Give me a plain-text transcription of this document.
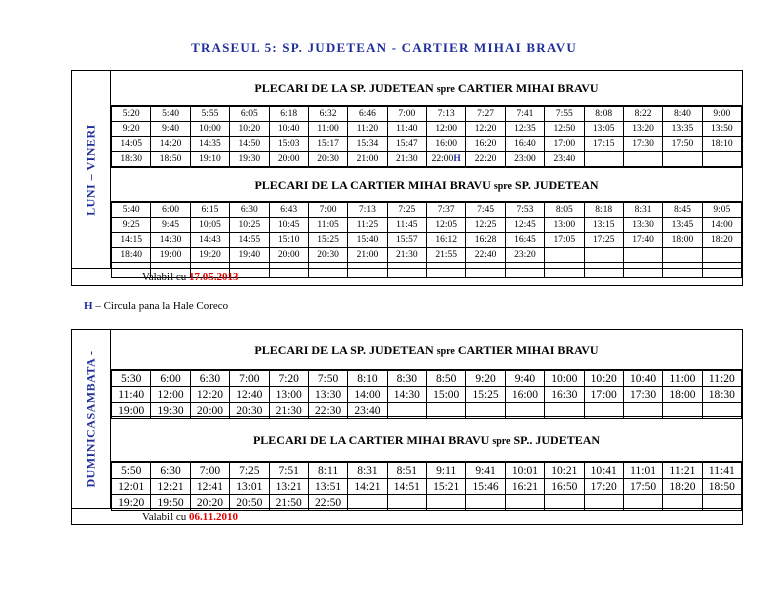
TRASEUL 5: SP. JUDETEAN - CARTIER MIHAI BRAVU
LUNI – VINERI
PLECARI DE LA SP. JUDETEAN spre CARTIER MIHAI BRAVU
5:20	5:40	5:55	6:05	6:18	6:32	6:46	7:00	7:13	7:27	7:41	7:55	8:08	8:22	8:40	9:00
9:20	9:40	10:00	10:20	10:40	11:00	11:20	11:40	12:00	12:20	12:35	12:50	13:05	13:20	13:35	13:50
14:05	14:20	14:35	14:50	15:03	15:17	15:34	15:47	16:00	16:20	16:40	17:00	17:15	17:30	17:50	18:10
18:30	18:50	19:10	19:30	20:00	20:30	21:00	21:30	22:00H	22:20	23:00	23:40				
PLECARI DE LA CARTIER MIHAI BRAVU spre SP. JUDETEAN
5:40	6:00	6:15	6:30	6:43	7:00	7:13	7:25	7:37	7:45	7:53	8:05	8:18	8:31	8:45	9:05
9:25	9:45	10:05	10:25	10:45	11:05	11:25	11:45	12:05	12:25	12:45	13:00	13:15	13:30	13:45	14:00
14:15	14:30	14:43	14:55	15:10	15:25	15:40	15:57	16:12	16:28	16:45	17:05	17:25	17:40	18:00	18:20
18:40	19:00	19:20	19:40	20:00	20:30	21:00	21:30	21:55	22:40	23:20					

Valabil cu 17.05.2013
H – Circula pana la Hale Coreco
DUMINICASAMBATA -
PLECARI DE LA SP. JUDETEAN spre CARTIER MIHAI BRAVU
5:30	6:00	6:30	7:00	7:20	7:50	8:10	8:30	8:50	9:20	9:40	10:00	10:20	10:40	11:00	11:20
11:40	12:00	12:20	12:40	13:00	13:30	14:00	14:30	15:00	15:25	16:00	16:30	17:00	17:30	18:00	18:30
19:00	19:30	20:00	20:30	21:30	22:30	23:40									
PLECARI DE LA CARTIER MIHAI BRAVU spre SP.. JUDETEAN
5:50	6:30	7:00	7:25	7:51	8:11	8:31	8:51	9:11	9:41	10:01	10:21	10:41	11:01	11:21	11:41
12:01	12:21	12:41	13:01	13:21	13:51	14:21	14:51	15:21	15:46	16:21	16:50	17:20	17:50	18:20	18:50
19:20	19:50	20:20	20:50	21:50	22:50										
Valabil cu 06.11.2010
